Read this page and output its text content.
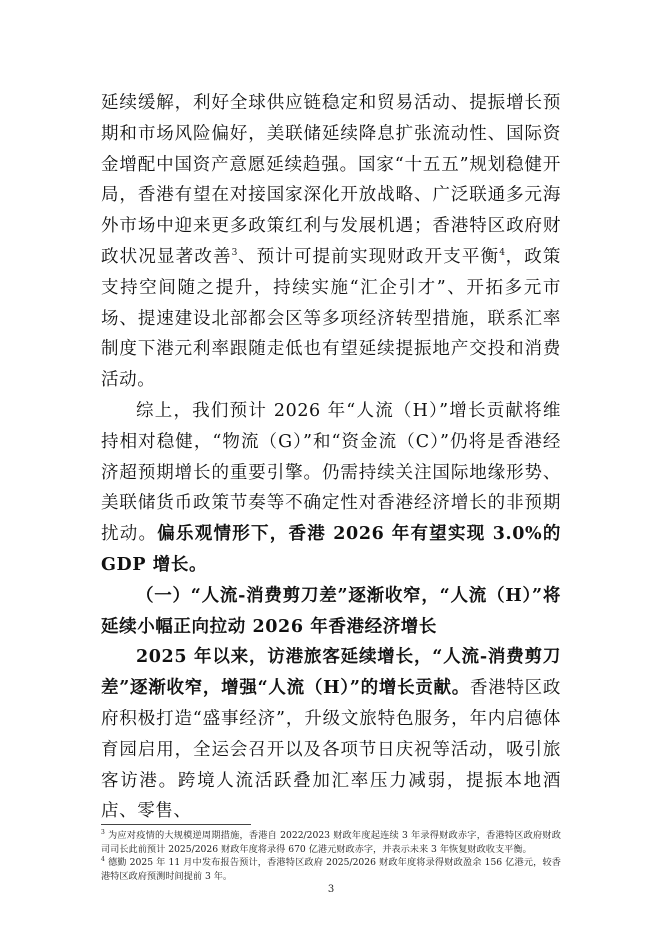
延续缓解，利好全球供应链稳定和贸易活动、提振增长预期和市场风险偏好，美联储延续降息扩张流动性、国际资金增配中国资产意愿延续趋强。国家“十五五”规划稳健开局，香港有望在对接国家深化开放战略、广泛联通多元海外市场中迎来更多政策红利与发展机遇；香港特区政府财政状况显著改善$^3$、预计可提前实现财政开支平衡$^4$，政策支持空间随之提升，持续实施“汇企引才”、开拓多元市场、提速建设北部都会区等多项经济转型措施，联系汇率制度下港元利率跟随走低也有望延续提振地产交投和消费活动。

综上，我们预计 2026 年“人流（H）”增长贡献将维持相对稳健，“物流（G）”和“资金流（C）”仍将是香港经济超预期增长的重要引擎。仍需持续关注国际地缘形势、美联储货币政策节奏等不确定性对香港经济增长的非预期扰动。偏乐观情形下，香港 2026 年有望实现 3.0%的 GDP 增长。

（一）“人流-消费剪刀差”逐渐收窄，“人流（H）”将延续小幅正向拉动 2026 年香港经济增长

2025 年以来，访港旅客延续增长，“人流-消费剪刀差”逐渐收窄，增强“人流（H）”的增长贡献。香港特区政府积极打造“盛事经济”，升级文旅特色服务，年内启德体育园启用，全运会召开以及各项节日庆祝等活动，吸引旅客访港。跨境人流活跃叠加汇率压力减弱，提振本地酒店、零售、

$^3$ 为应对疫情的大规模逆周期措施，香港自 2022/2023 财政年度起连续 3 年录得财政赤字，香港特区政府财政司司长此前预计 2025/2026 财政年度将录得 670 亿港元财政赤字，并表示未来 3 年恢复财政收支平衡。

$^4$ 德勤 2025 年 11 月中发布报告预计，香港特区政府 2025/2026 财政年度将录得财政盈余 156 亿港元，较香港特区政府预测时间提前 3 年。

3
